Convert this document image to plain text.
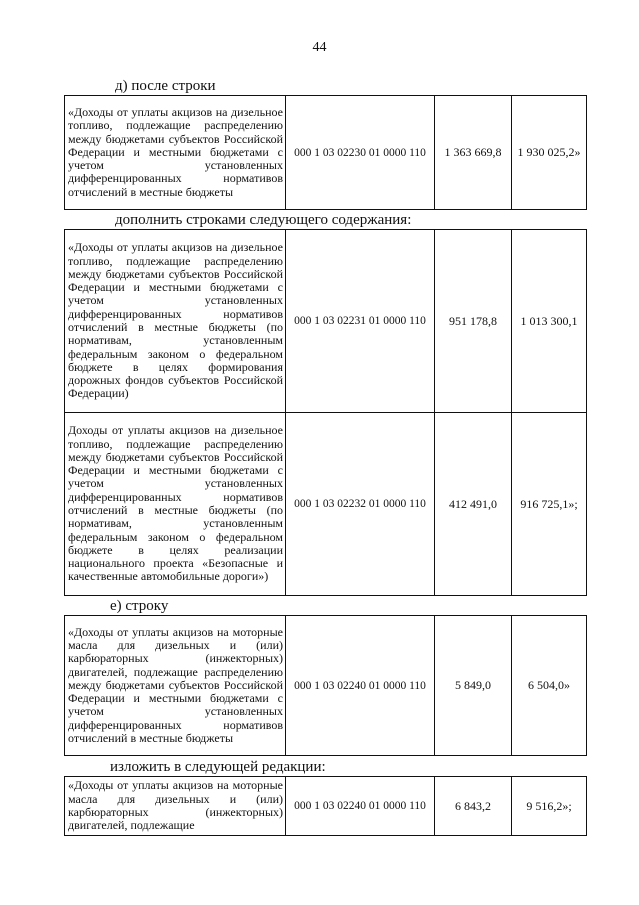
44
д) после строки
«Доходы от уплаты акцизов на дизельное топливо, подлежащие распределению между бюджетами субъектов Российской Федерации и местными бюджетами с учетом установленных дифференцированных нормативов отчислений в местные бюджеты	000 1 03 02230 01 0000 110	1 363 669,8	1 930 025,2»
дополнить строками следующего содержания:
«Доходы от уплаты акцизов на дизельное топливо, подлежащие распределению между бюджетами субъектов Российской Федерации и местными бюджетами с учетом установленных дифференцированных нормативов отчислений в местные бюджеты (по нормативам, установленным федеральным законом о федеральном бюджете в целях формирования дорожных фондов субъектов Российской Федерации)	000 1 03 02231 01 0000 110	951 178,8	1 013 300,1
Доходы от уплаты акцизов на дизельное топливо, подлежащие распределению между бюджетами субъектов Российской Федерации и местными бюджетами с учетом установленных дифференцированных нормативов отчислений в местные бюджеты (по нормативам, установленным федеральным законом о федеральном бюджете в целях реализации национального проекта «Безопасные и качественные автомобильные дороги»)	000 1 03 02232 01 0000 110	412 491,0	916 725,1»;
е) строку
«Доходы от уплаты акцизов на моторные масла для дизельных и (или) карбюраторных (инжекторных) двигателей, подлежащие распределению между бюджетами субъектов Российской Федерации и местными бюджетами с учетом установленных дифференцированных нормативов отчислений в местные бюджеты	000 1 03 02240 01 0000 110	5 849,0	6 504,0»
изложить в следующей редакции:
«Доходы от уплаты акцизов на моторные масла для дизельных и (или) карбюраторных (инжекторных) двигателей, подлежащие	000 1 03 02240 01 0000 110	6 843,2	9 516,2»;
